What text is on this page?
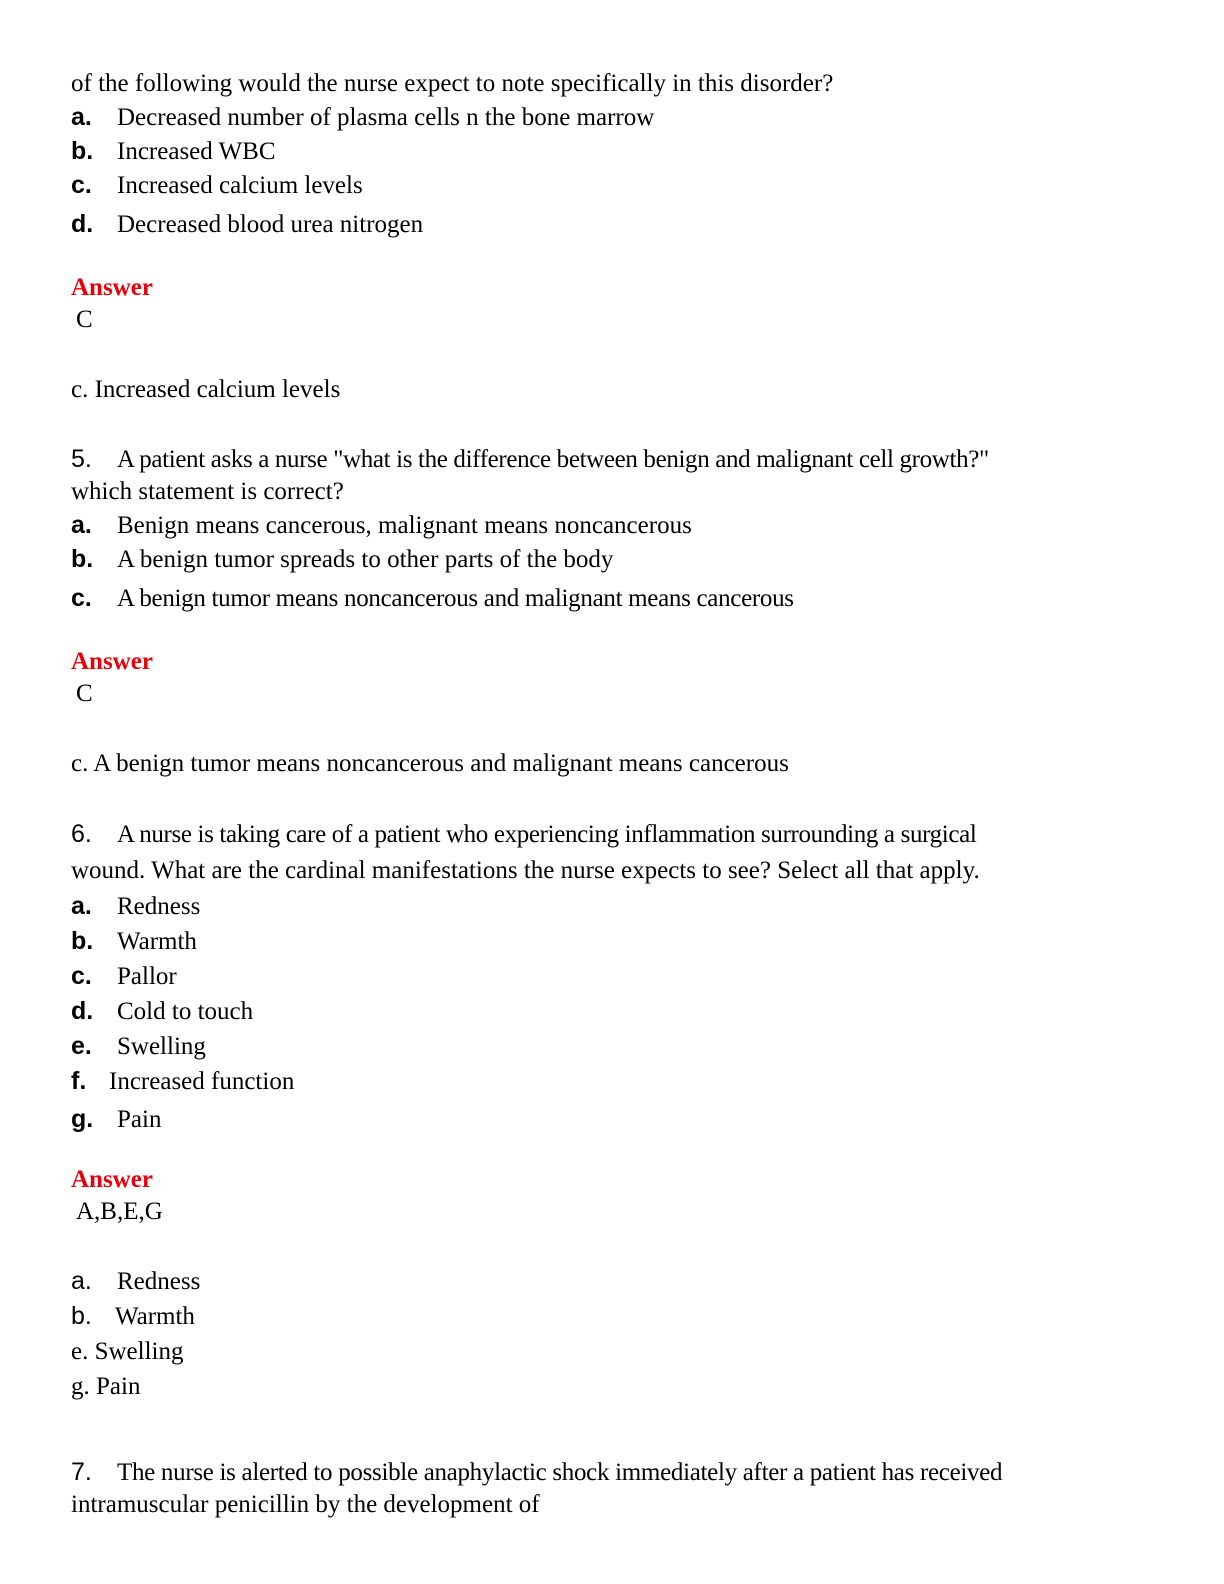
of the following would the nurse expect to note specifically in this disorder?
a. Decreased number of plasma cells n the bone marrow
b. Increased WBC
c. Increased calcium levels
d. Decreased blood urea nitrogen
Answer
C
c. Increased calcium levels
5. A patient asks a nurse "what is the difference between benign and malignant cell growth?"
which statement is correct?
a. Benign means cancerous, malignant means noncancerous
b. A benign tumor spreads to other parts of the body
c. A benign tumor means noncancerous and malignant means cancerous
Answer
C
c. A benign tumor means noncancerous and malignant means cancerous
6. A nurse is taking care of a patient who experiencing inflammation surrounding a surgical
wound. What are the cardinal manifestations the nurse expects to see? Select all that apply.
a. Redness
b. Warmth
c. Pallor
d. Cold to touch
e. Swelling
f. Increased function
g. Pain
Answer
A,B,E,G
a. Redness
b. Warmth
e. Swelling
g. Pain
7. The nurse is alerted to possible anaphylactic shock immediately after a patient has received
intramuscular penicillin by the development of
